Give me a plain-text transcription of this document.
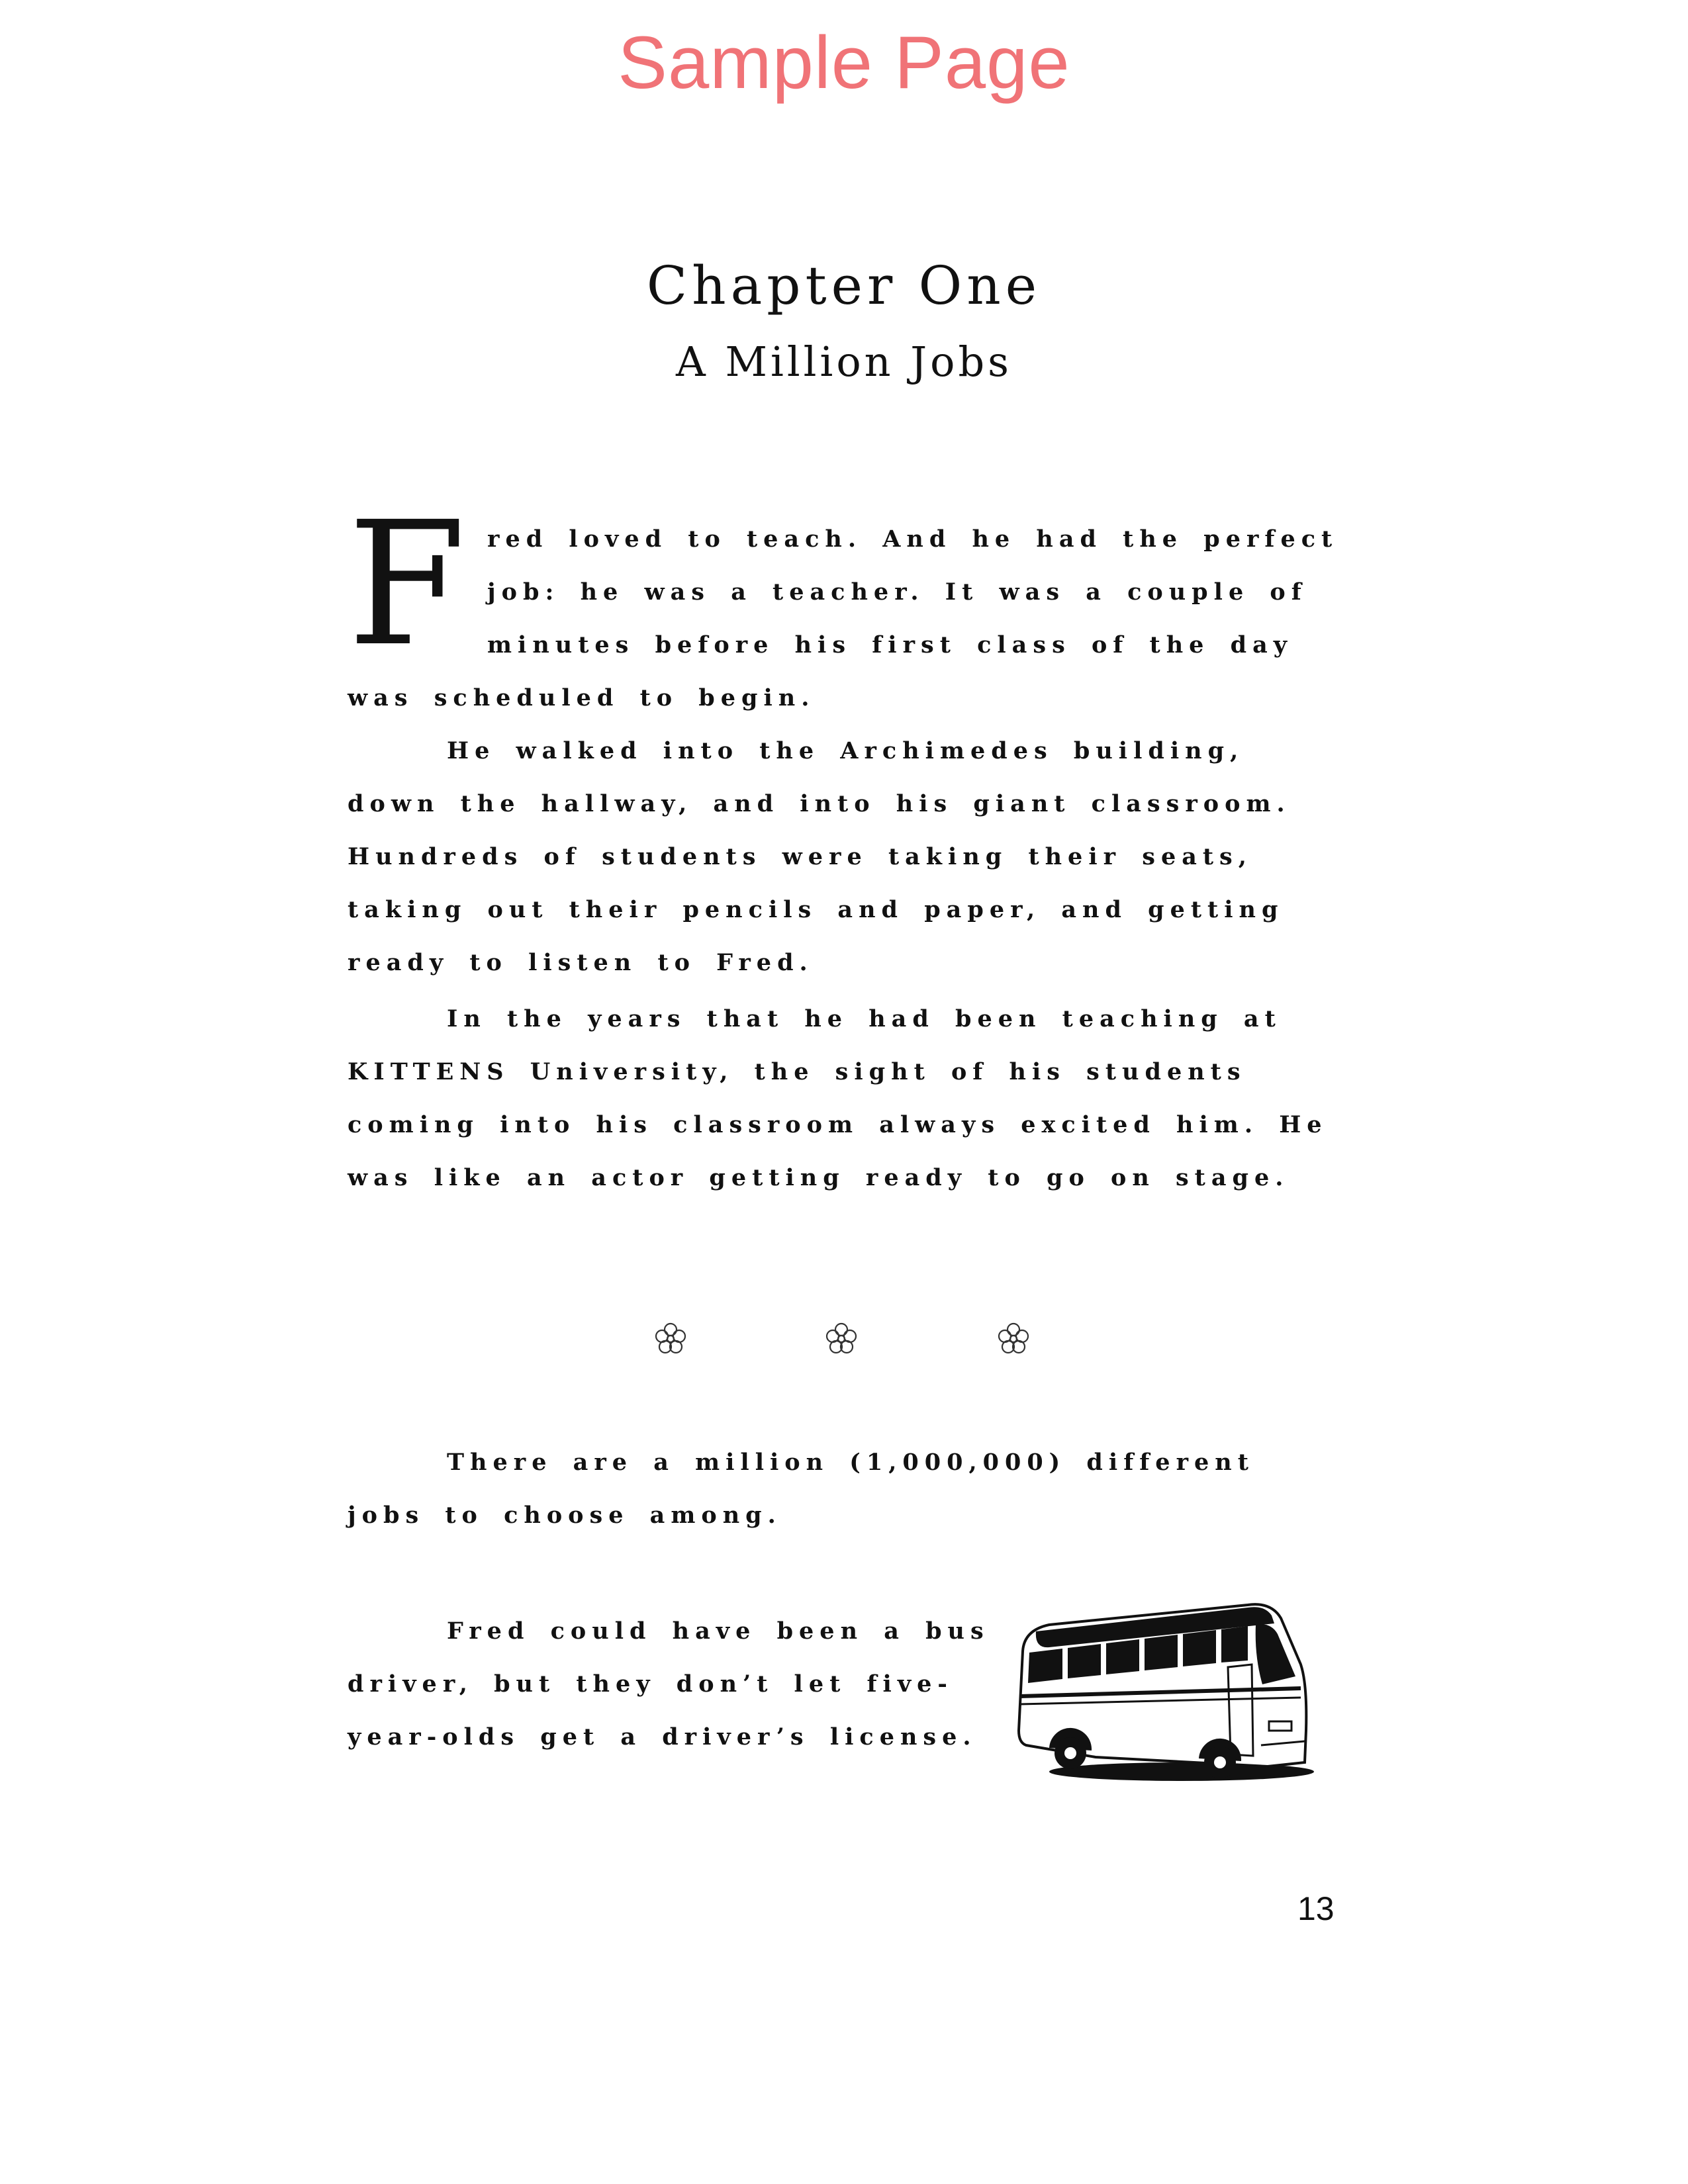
Sample Page
Chapter One
A Million Jobs
F red loved to teach. And he had the perfect job: he was a teacher. It was a couple of minutes before his first class of the day was scheduled to begin.
He walked into the Archimedes building, down the hallway, and into his giant classroom. Hundreds of students were taking their seats, taking out their pencils and paper, and getting ready to listen to Fred.
In the years that he had been teaching at KITTENS University, the sight of his students coming into his classroom always excited him. He was like an actor getting ready to go on stage.
There are a million (1,000,000) different jobs to choose among.
Fred could have been a bus driver, but they don’t let five-year-olds get a driver’s license.
13
